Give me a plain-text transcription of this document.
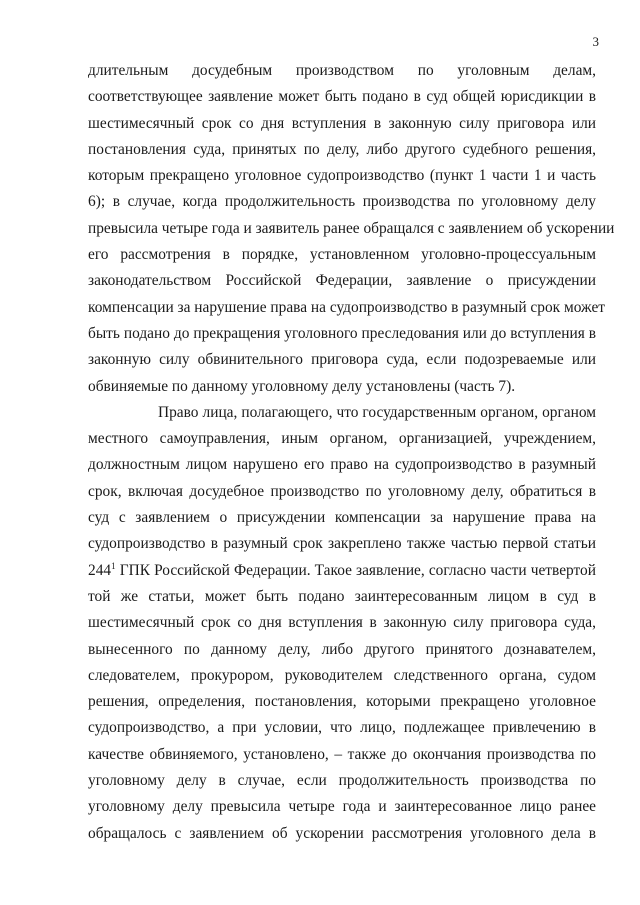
3
длительным досудебным производством по уголовным делам,
соответствующее заявление может быть подано в суд общей юрисдикции в
шестимесячный срок со дня вступления в законную силу приговора или
постановления суда, принятых по делу, либо другого судебного решения,
которым прекращено уголовное судопроизводство (пункт 1 части 1 и часть
6); в случае, когда продолжительность производства по уголовному делу
превысила четыре года и заявитель ранее обращался с заявлением об ускорении
его рассмотрения в порядке, установленном уголовно-процессуальным
законодательством Российской Федерации, заявление о присуждении
компенсации за нарушение права на судопроизводство в разумный срок может
быть подано до прекращения уголовного преследования или до вступления в
законную силу обвинительного приговора суда, если подозреваемые или
обвиняемые по данному уголовному делу установлены (часть 7).
Право лица, полагающего, что государственным органом, органом
местного самоуправления, иным органом, организацией, учреждением,
должностным лицом нарушено его право на судопроизводство в разумный
срок, включая досудебное производство по уголовному делу, обратиться в
суд с заявлением о присуждении компенсации за нарушение права на
судопроизводство в разумный срок закреплено также частью первой статьи
244$^1$ ГПК Российской Федерации. Такое заявление, согласно части четвертой
той же статьи, может быть подано заинтересованным лицом в суд в
шестимесячный срок со дня вступления в законную силу приговора суда,
вынесенного по данному делу, либо другого принятого дознавателем,
следователем, прокурором, руководителем следственного органа, судом
решения, определения, постановления, которыми прекращено уголовное
судопроизводство, а при условии, что лицо, подлежащее привлечению в
качестве обвиняемого, установлено, – также до окончания производства по
уголовному делу в случае, если продолжительность производства по
уголовному делу превысила четыре года и заинтересованное лицо ранее
обращалось с заявлением об ускорении рассмотрения уголовного дела в
